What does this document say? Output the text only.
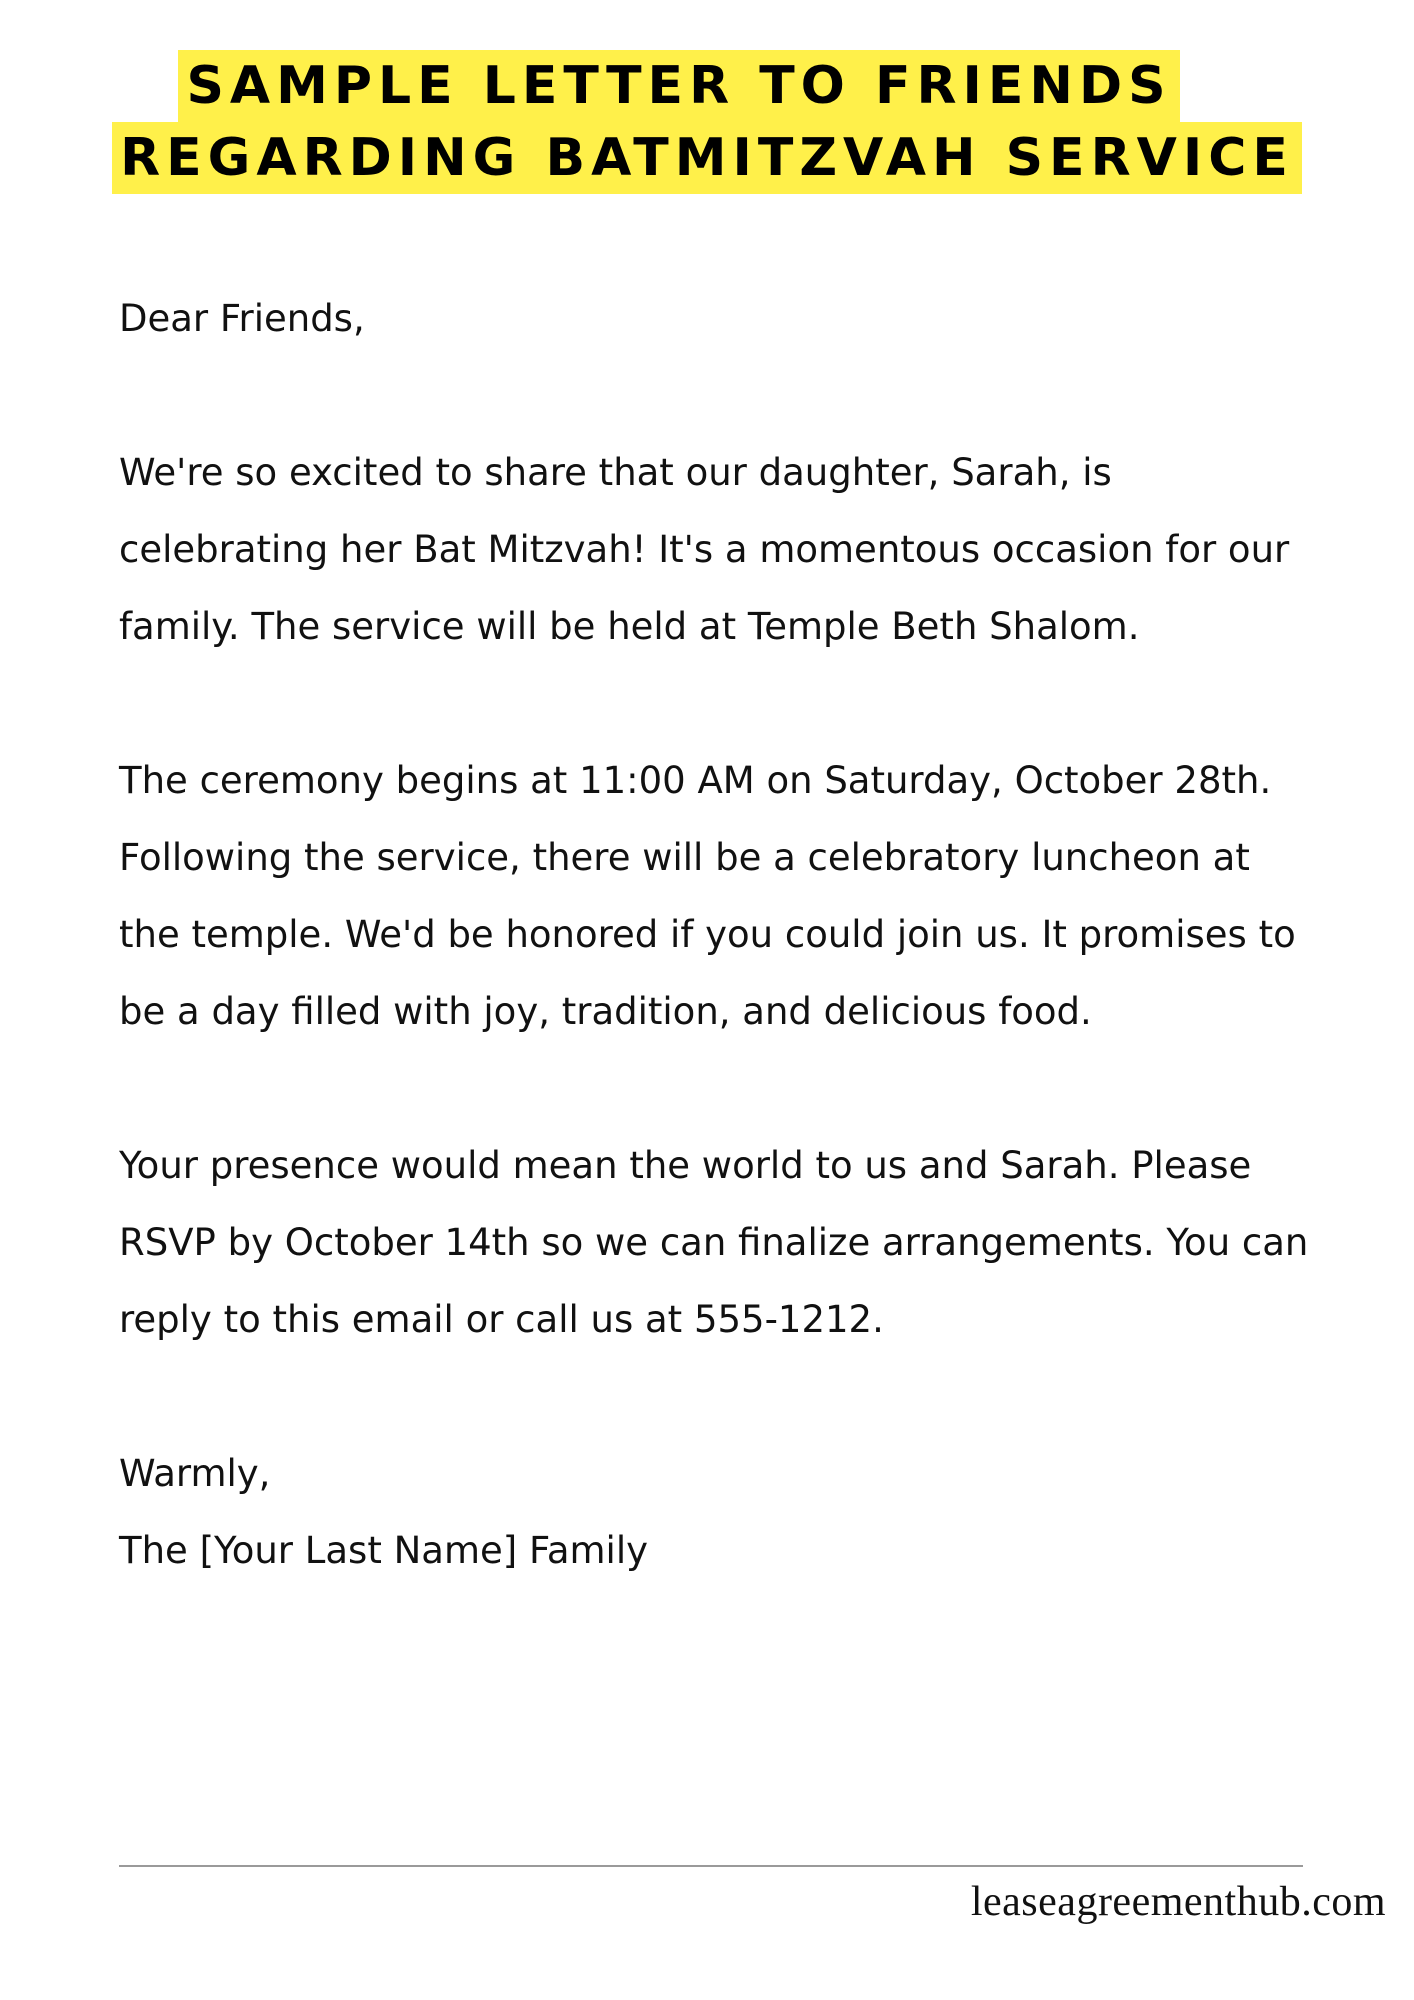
SAMPLE LETTER TO FRIENDS
REGARDING BATMITZVAH SERVICE

Dear Friends,

We're so excited to share that our daughter, Sarah, is celebrating her Bat Mitzvah! It's a momentous occasion for our family. The service will be held at Temple Beth Shalom.

The ceremony begins at 11:00 AM on Saturday, October 28th. Following the service, there will be a celebratory luncheon at the temple. We'd be honored if you could join us. It promises to be a day filled with joy, tradition, and delicious food.

Your presence would mean the world to us and Sarah. Please RSVP by October 14th so we can finalize arrangements. You can reply to this email or call us at 555-1212.

Warmly,

The [Your Last Name] Family

leaseagreementhub.com
